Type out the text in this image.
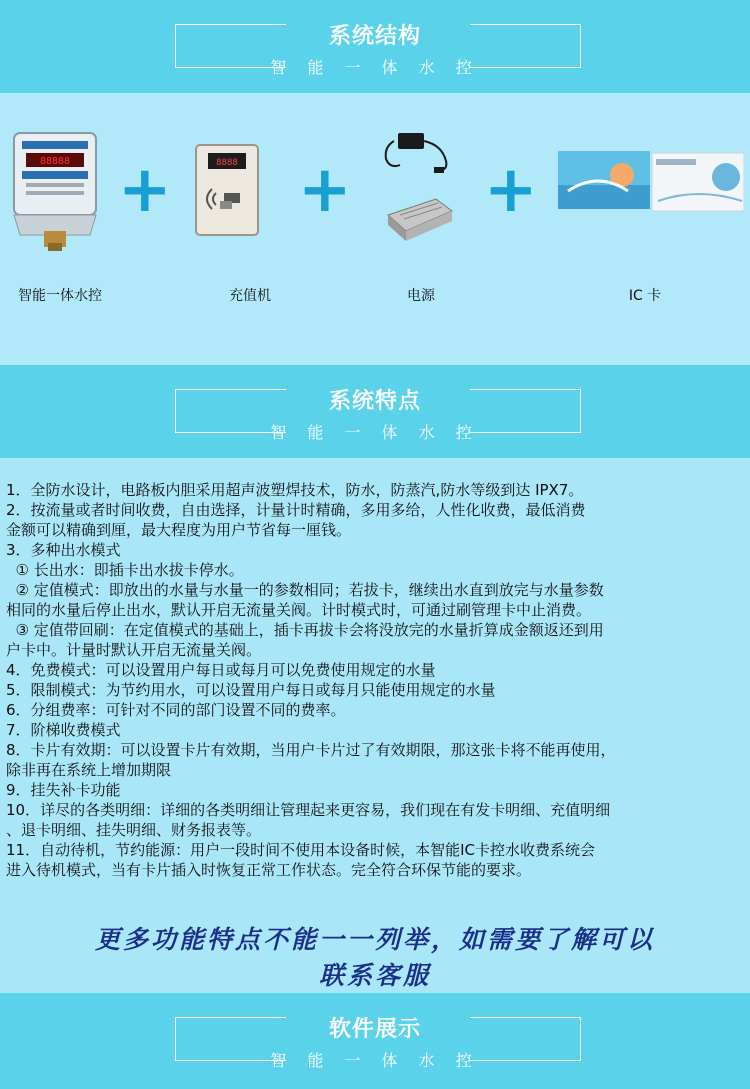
系统结构
智 能 一 体 水 控
88888
智能一体水控
+	8888
充值机
+
电源
+
IC 卡
系统特点
智 能 一 体 水 控

1．全防水设计，电路板内胆采用超声波塑焊技术，防水，防蒸汽,防水等级到达 IPX7。

2．按流量或者时间收费，自由选择，计量计时精确，多用多给，人性化收费，最低消费

金额可以精确到厘，最大程度为用户节省每一厘钱。

3．多种出水模式

① 长出水：即插卡出水拔卡停水。

② 定值模式：即放出的水量与水量一的参数相同；若拔卡，继续出水直到放完与水量参数

相同的水量后停止出水，默认开启无流量关阀。计时模式时，可通过刷管理卡中止消费。

③ 定值带回刷：在定值模式的基础上，插卡再拔卡会将没放完的水量折算成金额返还到用

户卡中。计量时默认开启无流量关阀。

4．免费模式：可以设置用户每日或每月可以免费使用规定的水量

5．限制模式：为节约用水，可以设置用户每日或每月只能使用规定的水量

6．分组费率：可针对不同的部门设置不同的费率。

7．阶梯收费模式

8．卡片有效期：可以设置卡片有效期，当用户卡片过了有效期限，那这张卡将不能再使用，

除非再在系统上增加期限

9．挂失补卡功能

10．详尽的各类明细：详细的各类明细让管理起来更容易，我们现在有发卡明细、充值明细

、退卡明细、挂失明细、财务报表等。

11．自动待机，节约能源：用户一段时间不使用本设备时候，本智能IC卡控水收费系统会

进入待机模式，当有卡片插入时恢复正常工作状态。完全符合环保节能的要求。

更多功能特点不能一一列举，如需要了解可以
联系客服
软件展示
智 能 一 体 水 控
